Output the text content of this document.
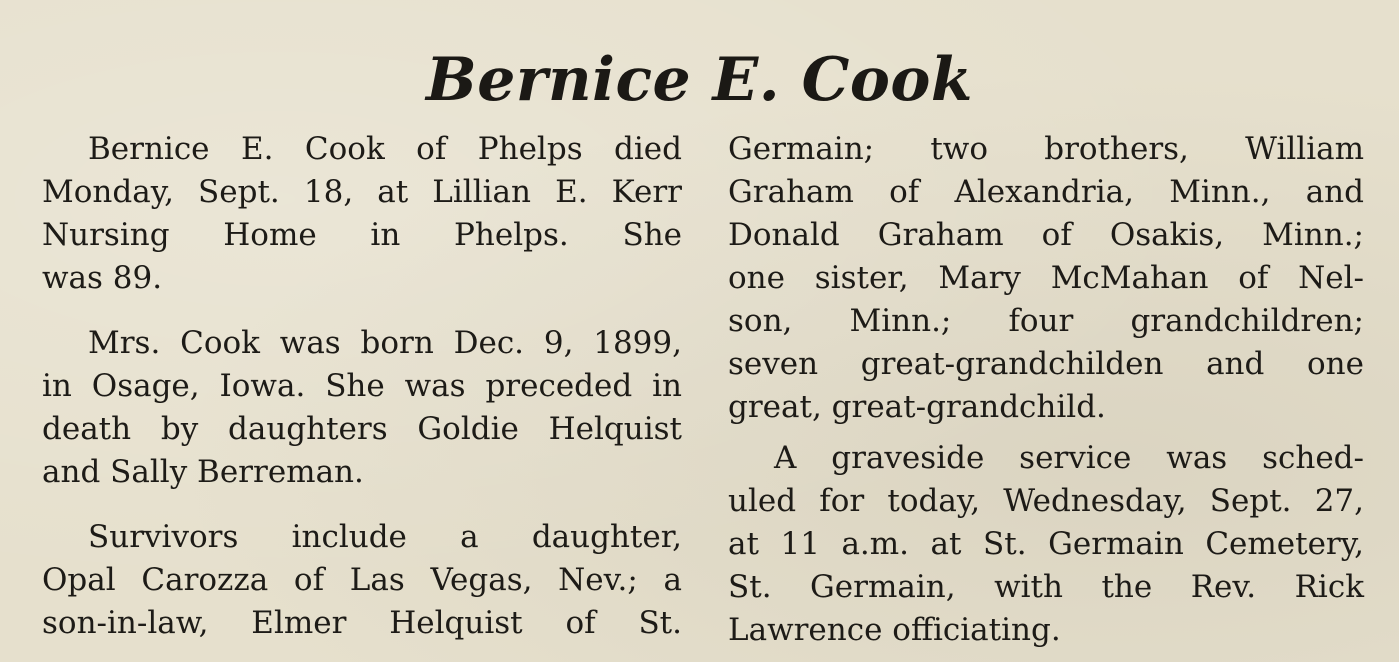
Bernice E. Cook
Bernice E. Cook of Phelps died
Monday, Sept. 18, at Lillian E. Kerr
Nursing Home in Phelps. She
was 89.
Mrs. Cook was born Dec. 9, 1899,
in Osage, Iowa. She was preceded in
death by daughters Goldie Helquist
and Sally Berreman.
Survivors include a daughter,
Opal Carozza of Las Vegas, Nev.; a
son-in-law, Elmer Helquist of St.
Germain; two brothers, William
Graham of Alexandria, Minn., and
Donald Graham of Osakis, Minn.;
one sister, Mary McMahan of Nel-
son, Minn.; four grandchildren;
seven great-grandchilden and one
great, great-grandchild.
A graveside service was sched-
uled for today, Wednesday, Sept. 27,
at 11 a.m. at St. Germain Cemetery,
St. Germain, with the Rev. Rick
Lawrence officiating.
